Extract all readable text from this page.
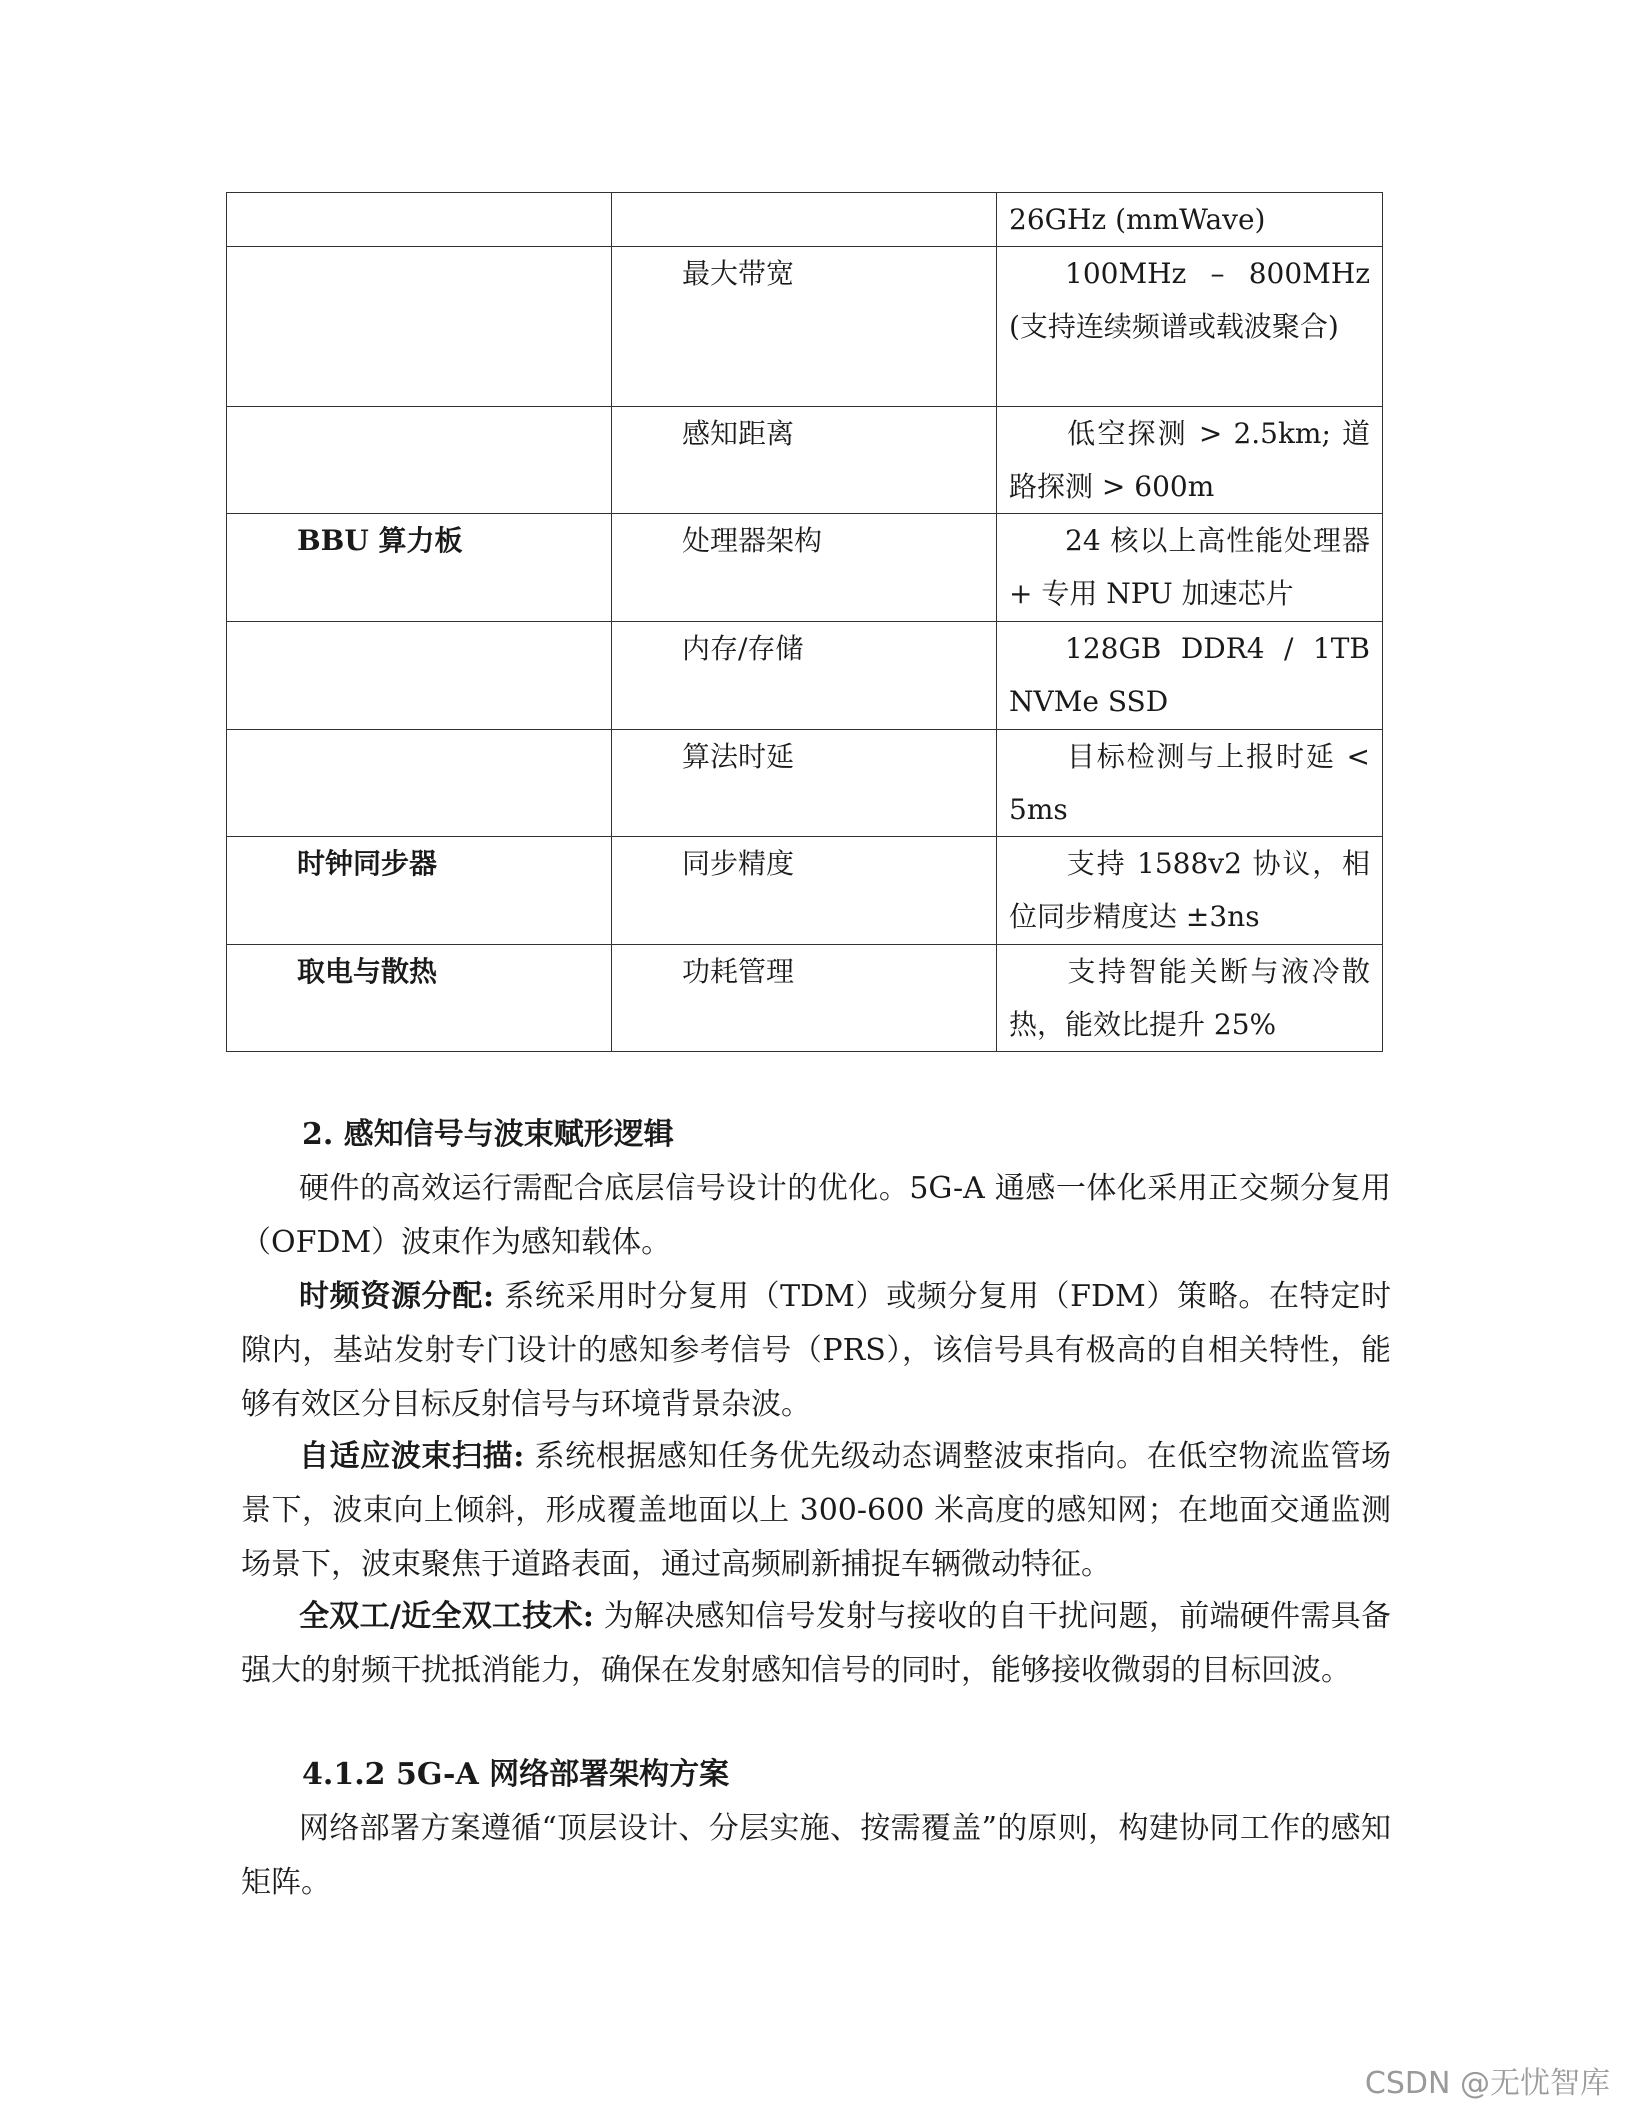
		26GHz (mmWave)
	最大带宽	100MHz – 800MHz (支持连续频谱或载波聚合)
	感知距离	低空探测 > 2.5km; 道路探测 > 600m
BBU 算力板	处理器架构	24 核以上高性能处理器 + 专用 NPU 加速芯片
	内存/存储	128GB DDR4 / 1TB NVMe SSD
	算法时延	目标检测与上报时延 < 5ms
时钟同步器	同步精度	支持 1588v2 协议，相位同步精度达 ±3ns
取电与散热	功耗管理	支持智能关断与液冷散热，能效比提升 25%
2. 感知信号与波束赋形逻辑
硬件的高效运行需配合底层信号设计的优化。5G-A 通感一体化采用正交频分复用（OFDM）波束作为感知载体。
时频资源分配: 系统采用时分复用（TDM）或频分复用（FDM）策略。在特定时隙内，基站发射专门设计的感知参考信号（PRS），该信号具有极高的自相关特性，能够有效区分目标反射信号与环境背景杂波。
自适应波束扫描: 系统根据感知任务优先级动态调整波束指向。在低空物流监管场景下，波束向上倾斜，形成覆盖地面以上 300-600 米高度的感知网；在地面交通监测场景下，波束聚焦于道路表面，通过高频刷新捕捉车辆微动特征。
全双工/近全双工技术: 为解决感知信号发射与接收的自干扰问题，前端硬件需具备强大的射频干扰抵消能力，确保在发射感知信号的同时，能够接收微弱的目标回波。
4.1.2 5G-A 网络部署架构方案
网络部署方案遵循“顶层设计、分层实施、按需覆盖”的原则，构建协同工作的感知矩阵。
CSDN @无忧智库
